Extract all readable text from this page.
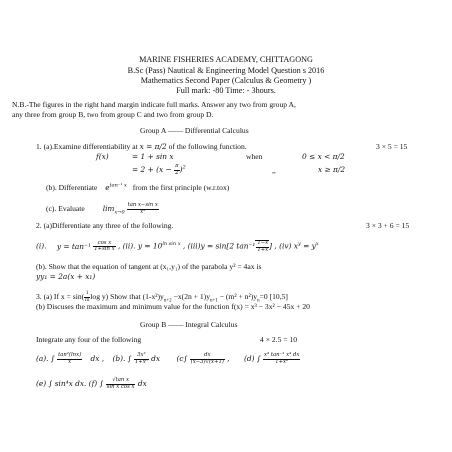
MARINE FISHERIES ACADEMY, CHITTAGONG
B.Sc (Pass) Nautical & Engineering Model Question s 2016
Mathematics Second Paper (Calculus & Geometry )
Full mark: -80 Time: - 3hours.
N.B.-The figures in the right hand margin indicate full marks. Answer any two from group A,
any three from group B, two from group C and two from group D.
Group A —— Differential Calculus
1. (a).Examine differentiability at x = π/2 of the following function.	3 × 5 = 15
f(x)	= 1 + sin x	when	0 ≤ x < π/2
= $2 + (x - \frac{\pi}{2} )^2$	,,	x ≥ π/2
(b). Differentiate $e^{tan^{-1} x}$ from the first principle (w.r.tox)
(c). Evaluate $\lim_{x\to 0} \frac{\text{tan x−sin x}}{\text{x³}}$
2. (a)Differentiate any three of the following.	3 × 3 + 6 = 15
(i). $y = \tan^{-1} \frac{\text{cos x}}{\text{1+sin x}}$ , (ii). $y = 10^{ln sin x}$ , (iii)y = sin[2 $\tan^{-1} \frac{1-x}{1+x}$ ] , (iv) $x^y = y^x$
(b). Show that the equation of tangent at (x₁,y₁) of the parabola y² = 4ax is
yy₁ = 2a(x + x₁)
3. (a) If $x = \sin( \frac{1}{m}$ log y) Show that $(1-x^2)y_{n+2} -x(2n + 1)y_{n+1} - (m^2 + n^2)y_n=0$ [10,5]
(b) Discuses the maximum and minimum value for the function f(x) = x³ − 3x² − 45x + 20
Group B —— Integral Calculus
Integrate any four of the following	4 × 2.5 = 10
(a). ∫ $\frac{\text{tan²(lnx)}}{x}$ dx , (b). ∫ $\frac{\text{3x²}}{\text{1+x⁶}}$ dx ($c\int \frac{dx}{(x-3)√(x+1)}$ , (d) ∫ $\frac{\text{x³ tan⁻¹ x⁴ dx}}{\text{1+x⁸}}$
(e) ∫ sin⁴x dx. (f) ∫ $\frac{\text{√tan x}}{\text{sin x cos x}}$ dx
